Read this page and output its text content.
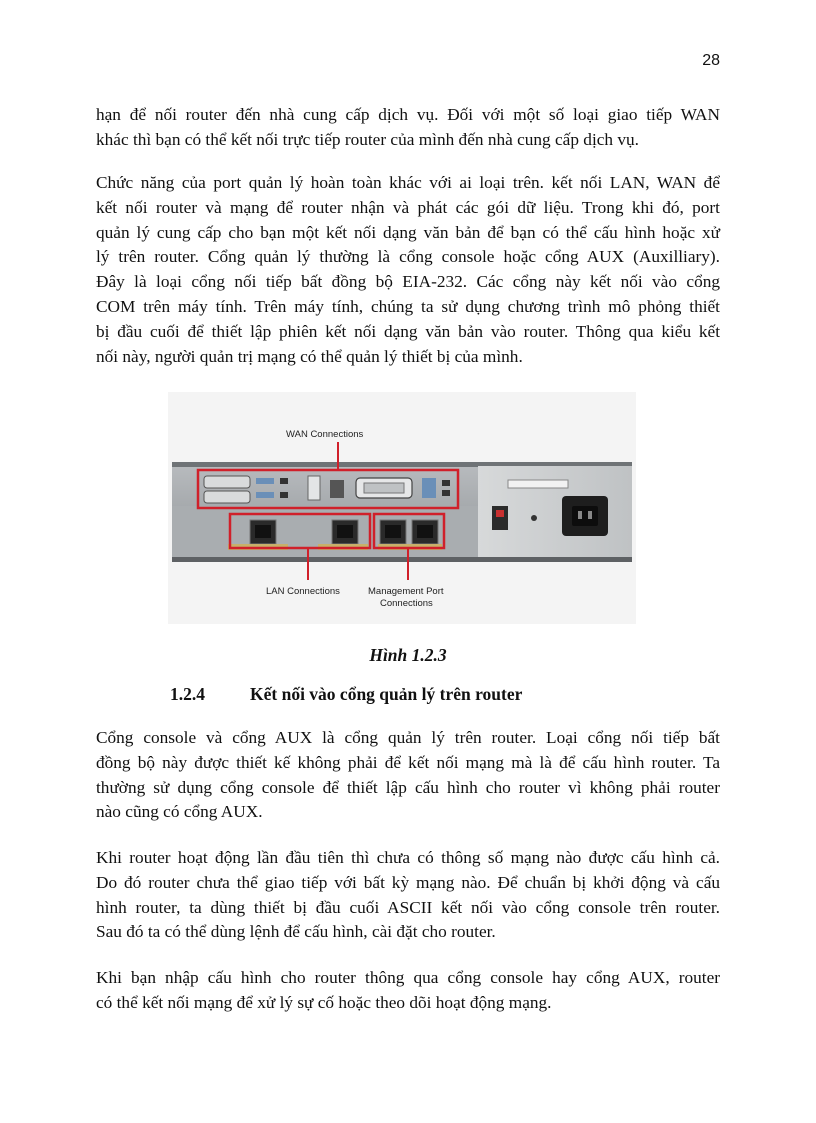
28

hạn để nối router đến nhà cung cấp dịch vụ. Đối với một số loại giao tiếp WAN
khác thì bạn có thể kết nối trực tiếp router của mình đến nhà cung cấp dịch vụ.

Chức năng của port quản lý hoàn toàn khác với ai loại trên. kết nối LAN, WAN để
kết nối router và mạng để router nhận và phát các gói dữ liệu. Trong khi đó, port
quản lý cung cấp cho bạn một kết nối dạng văn bản để bạn có thể cấu hình hoặc xử
lý trên router. Cổng quản lý thường là cổng console hoặc cổng AUX (Auxilliary).
Đây là loại cổng nối tiếp bất đồng bộ EIA-232. Các cổng này kết nối vào cổng
COM trên máy tính. Trên máy tính, chúng ta sử dụng chương trình mô phỏng thiết
bị đầu cuối để thiết lập phiên kết nối dạng văn bản vào router. Thông qua kiểu kết
nối này, người quản trị mạng có thể quản lý thiết bị của mình.

WAN Connections
LAN Connections	Management Port
Connections
Hình 1.2.3
1.2.4	Kết nối vào cổng quản lý trên router

Cổng console và cổng AUX là cổng quản lý trên router. Loại cổng nối tiếp bất
đồng bộ này được thiết kế không phải để kết nối mạng mà là để cấu hình router. Ta
thường sử dụng cổng console để thiết lập cấu hình cho router vì không phải router
nào cũng có cổng AUX.

Khi router hoạt động lần đầu tiên thì chưa có thông số mạng nào được cấu hình cả.
Do đó router chưa thể giao tiếp với bất kỳ mạng nào. Để chuẩn bị khởi động và cấu
hình router, ta dùng thiết bị đầu cuối ASCII kết nối vào cổng console trên router.
Sau đó ta có thể dùng lệnh để cấu hình, cài đặt cho router.

Khi bạn nhập cấu hình cho router thông qua cổng console hay cổng AUX, router
có thể kết nối mạng để xử lý sự cố hoặc theo dõi hoạt động mạng.
